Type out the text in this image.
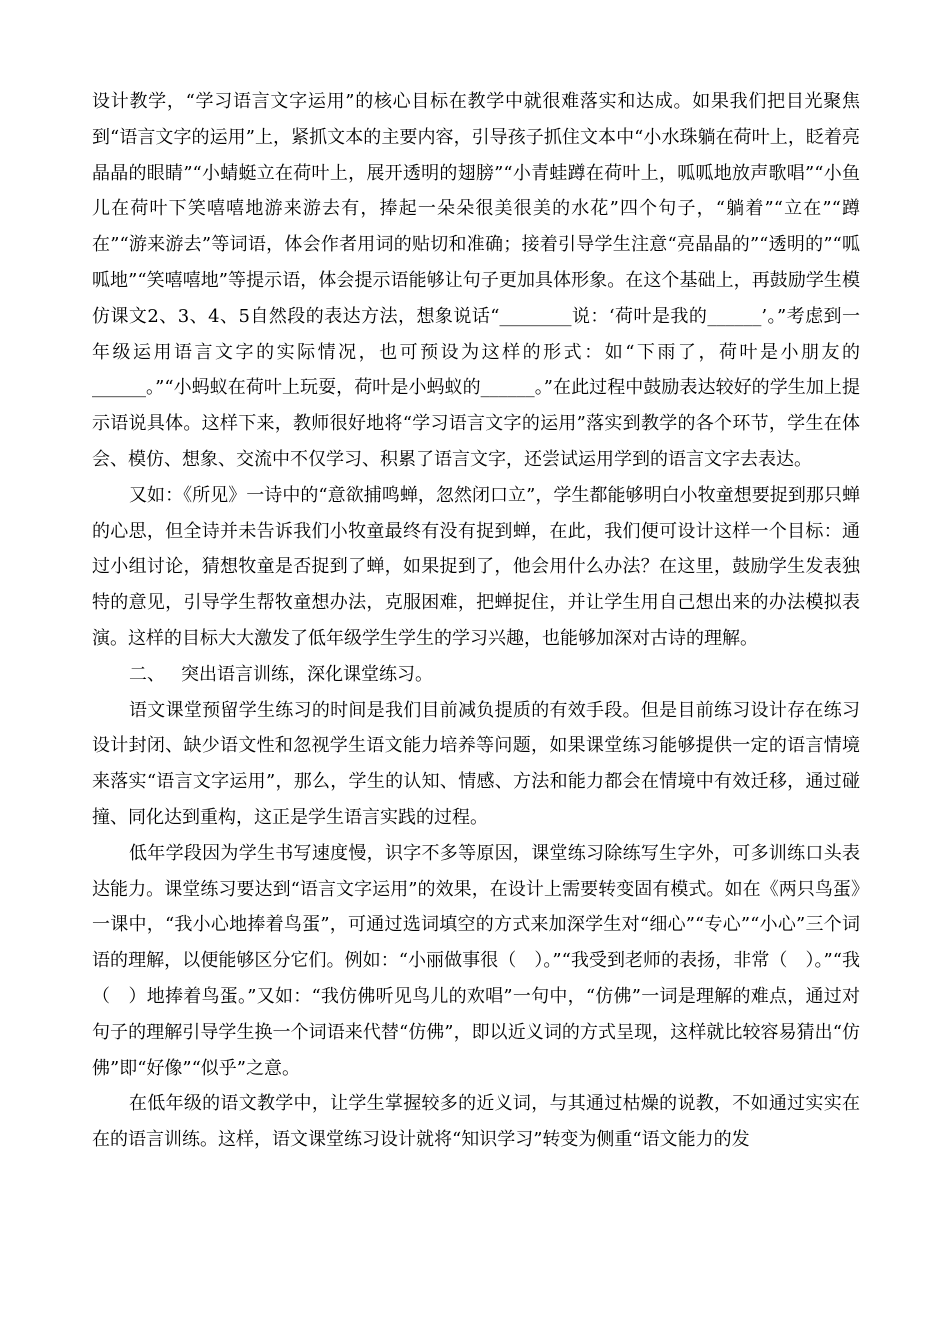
设计教学，“学习语言文字运用”的核心目标在教学中就很难落实和达成。如果我们把目光聚焦到“语言文字的运用”上，紧抓文本的主要内容，引导孩子抓住文本中“小水珠躺在荷叶上，眨着亮晶晶的眼睛”“小蜻蜓立在荷叶上，展开透明的翅膀”“小青蛙蹲在荷叶上，呱呱地放声歌唱”“小鱼儿在荷叶下笑嘻嘻地游来游去有，捧起一朵朵很美很美的水花”四个句子，“躺着”“立在”“蹲在”“游来游去”等词语，体会作者用词的贴切和准确；接着引导学生注意“亮晶晶的”“透明的”“呱呱地”“笑嘻嘻地”等提示语，体会提示语能够让句子更加具体形象。在这个基础上，再鼓励学生模仿课文2、3、4、5自然段的表达方法，想象说话“________说：‘荷叶是我的______’。”考虑到一年级运用语言文字的实际情况，也可预设为这样的形式：如“下雨了，荷叶是小朋友的______。”“小蚂蚁在荷叶上玩耍，荷叶是小蚂蚁的______。”在此过程中鼓励表达较好的学生加上提示语说具体。这样下来，教师很好地将“学习语言文字的运用”落实到教学的各个环节，学生在体会、模仿、想象、交流中不仅学习、积累了语言文字，还尝试运用学到的语言文字去表达。

又如：《所见》一诗中的“意欲捕鸣蝉，忽然闭口立”，学生都能够明白小牧童想要捉到那只蝉的心思，但全诗并未告诉我们小牧童最终有没有捉到蝉，在此，我们便可设计这样一个目标：通过小组讨论，猜想牧童是否捉到了蝉，如果捉到了，他会用什么办法？在这里，鼓励学生发表独特的意见，引导学生帮牧童想办法，克服困难，把蝉捉住，并让学生用自己想出来的办法模拟表演。这样的目标大大激发了低年级学生学生的学习兴趣，也能够加深对古诗的理解。

二、 突出语言训练，深化课堂练习。

语文课堂预留学生练习的时间是我们目前减负提质的有效手段。但是目前练习设计存在练习设计封闭、缺少语文性和忽视学生语文能力培养等问题，如果课堂练习能够提供一定的语言情境来落实“语言文字运用”，那么，学生的认知、情感、方法和能力都会在情境中有效迁移，通过碰撞、同化达到重构，这正是学生语言实践的过程。

低年学段因为学生书写速度慢，识字不多等原因，课堂练习除练写生字外，可多训练口头表达能力。课堂练习要达到“语言文字运用”的效果，在设计上需要转变固有模式。如在《两只鸟蛋》一课中，“我小心地捧着鸟蛋”，可通过选词填空的方式来加深学生对“细心”“专心”“小心”三个词语的理解，以便能够区分它们。例如：“小丽做事很（　）。”“我受到老师的表扬，非常（　）。”“我（　）地捧着鸟蛋。”又如：“我仿佛听见鸟儿的欢唱”一句中，“仿佛”一词是理解的难点，通过对句子的理解引导学生换一个词语来代替“仿佛”，即以近义词的方式呈现，这样就比较容易猜出“仿佛”即“好像”“似乎”之意。

在低年级的语文教学中，让学生掌握较多的近义词，与其通过枯燥的说教，不如通过实实在在的语言训练。这样，语文课堂练习设计就将“知识学习”转变为侧重“语文能力的发
